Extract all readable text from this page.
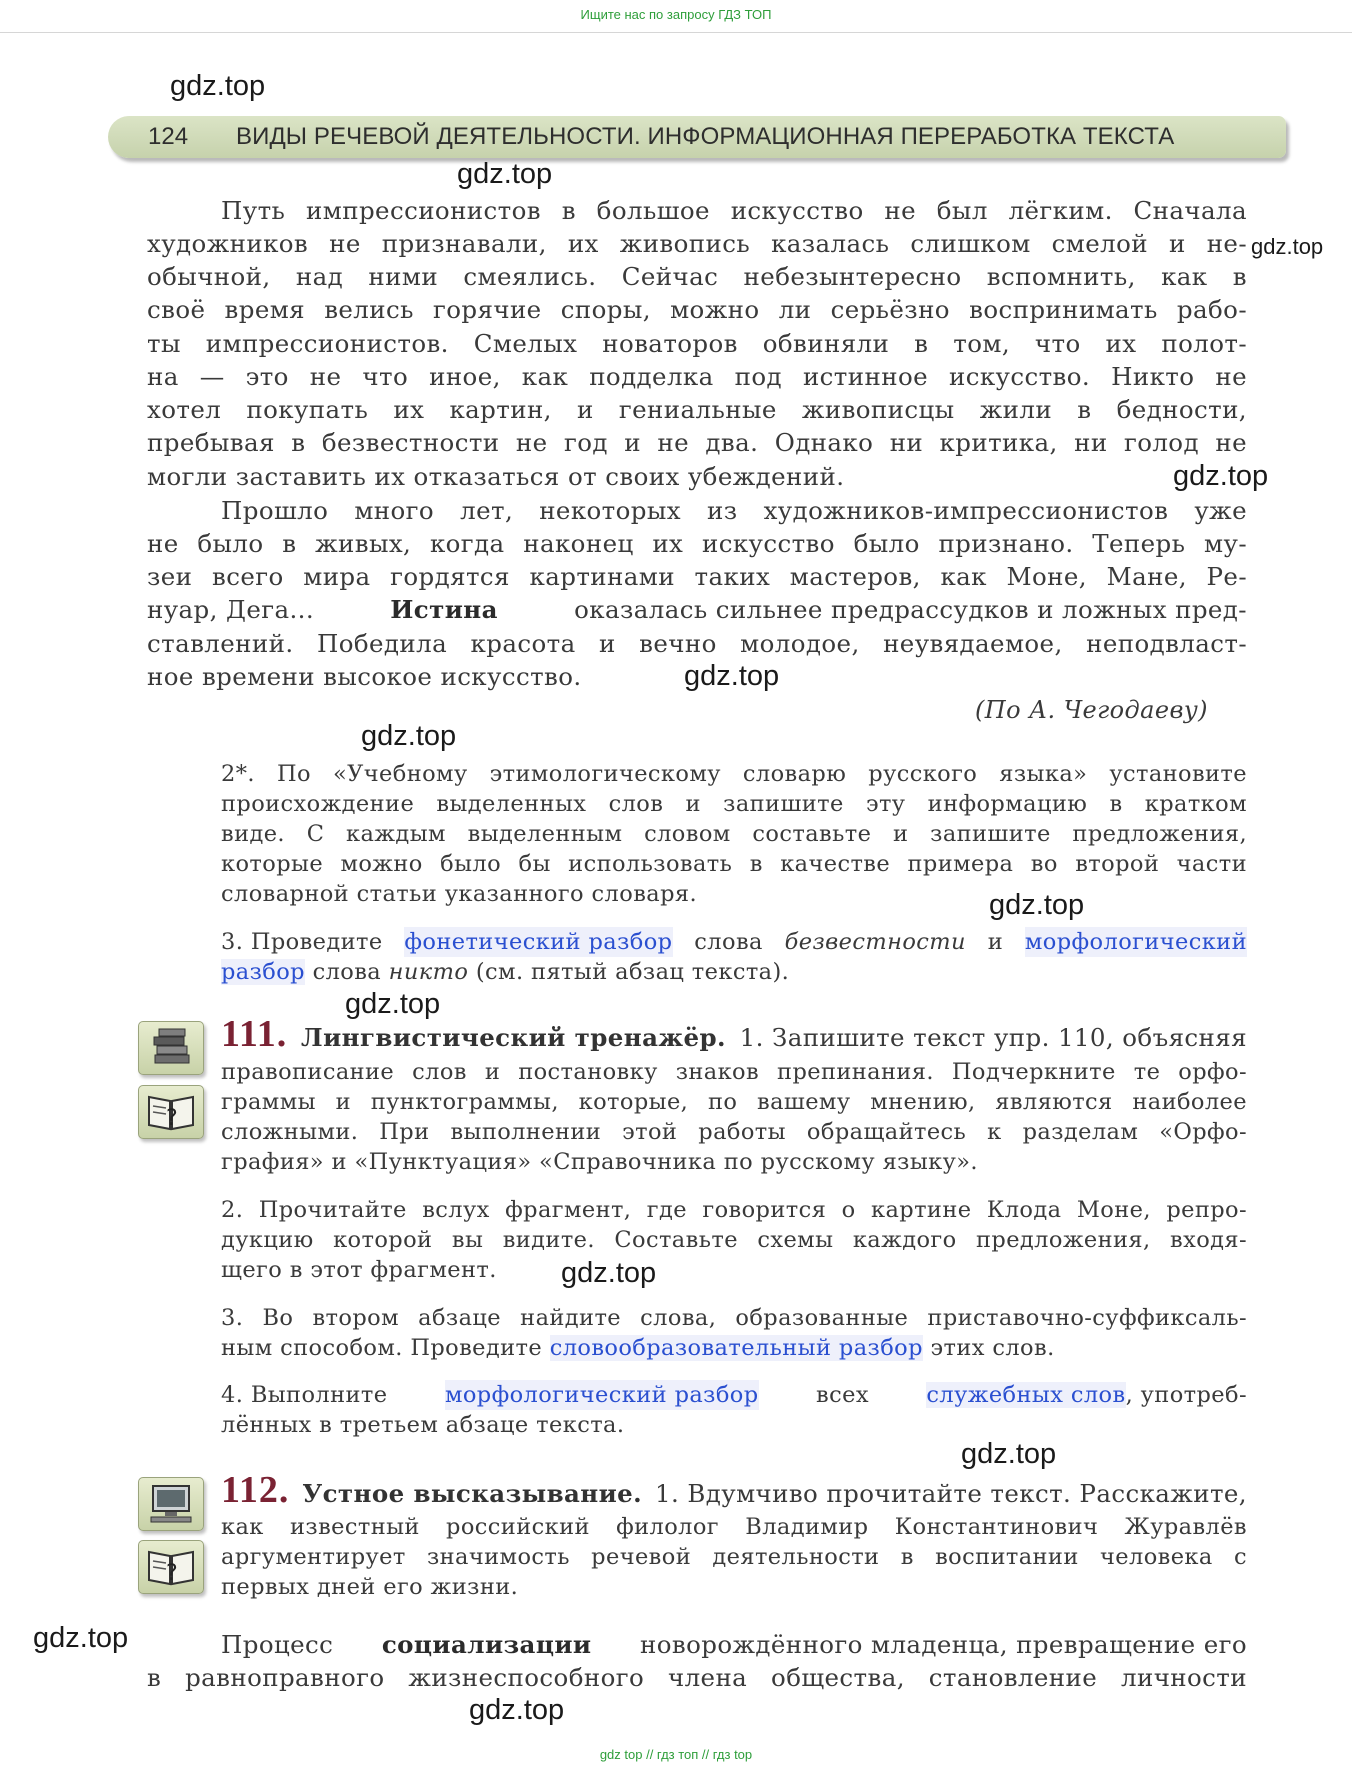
Ищите нас по запросу ГДЗ ТОП
gdz.top
gdz.top
gdz.top
gdz.top
gdz.top
gdz.top
gdz.top
gdz.top
gdz.top
gdz.top
gdz.top
gdz.top
124 ВИДЫ РЕЧЕВОЙ ДЕЯТЕЛЬНОСТИ. ИНФОРМАЦИОННАЯ ПЕРЕРАБОТКА ТЕКСТА
Путь импрессионистов в большое искусство не был лёгким. Сначала
художников не признавали, их живопись казалась слишком смелой и не-
обычной, над ними смеялись. Сейчас небезынтересно вспомнить, как в
своё время велись горячие споры, можно ли серьёзно воспринимать рабо-
ты импрессионистов. Смелых новаторов обвиняли в том, что их полот-
на — это не что иное, как подделка под истинное искусство. Никто не
хотел покупать их картин, и гениальные живописцы жили в бедности,
пребывая в безвестности не год и не два. Однако ни критика, ни голод не
могли заставить их отказаться от своих убеждений.
Прошло много лет, некоторых из художников-импрессионистов уже
не было в живых, когда наконец их искусство было признано. Теперь му-
зеи всего мира гордятся картинами таких мастеров, как Моне, Мане, Ре-
нуар, Дега...	Истина	оказалась сильнее предрассудков и ложных пред-
ставлений. Победила красота и вечно молодое, неувядаемое, неподвласт-
ное времени высокое искусство.
(По А. Чегодаеву)
2*. По «Учебному этимологическому словарю русского языка» установите
происхождение выделенных слов и запишите эту информацию в кратком
виде. С каждым выделенным словом составьте и запишите предложения,
которые можно было бы использовать в качестве примера во второй части
словарной статьи указанного словаря.
3. Проведите фонетический разбор слова безвестности и морфологический
разбор слова никто (см. пятый абзац текста).
?
111. Лингвистический тренажёр. 1. Запишите текст упр. 110, объясняя
правописание слов и постановку знаков препинания. Подчеркните те орфо-
граммы и пунктограммы, которые, по вашему мнению, являются наиболее
сложными. При выполнении этой работы обращайтесь к разделам «Орфо-
графия» и «Пунктуация» «Справочника по русскому языку».
2. Прочитайте вслух фрагмент, где говорится о картине Клода Моне, репро-
дукцию которой вы видите. Составьте схемы каждого предложения, входя-
щего в этот фрагмент.
3. Во втором абзаце найдите слова, образованные приставочно-суффиксаль-
ным способом. Проведите словообразовательный разбор этих слов.
4. Выполните	морфологический разбор	всех	служебных слов, употреб-
лённых в третьем абзаце текста.
?
112. Устное высказывание. 1. Вдумчиво прочитайте текст. Расскажите,
как известный российский филолог Владимир Константинович Журавлёв
аргументирует значимость речевой деятельности в воспитании человека с
первых дней его жизни.
Процесс социализации новорождённого младенца, превращение его
в равноправного жизнеспособного члена общества, становление личности
gdz top // гдз топ // гдз top
